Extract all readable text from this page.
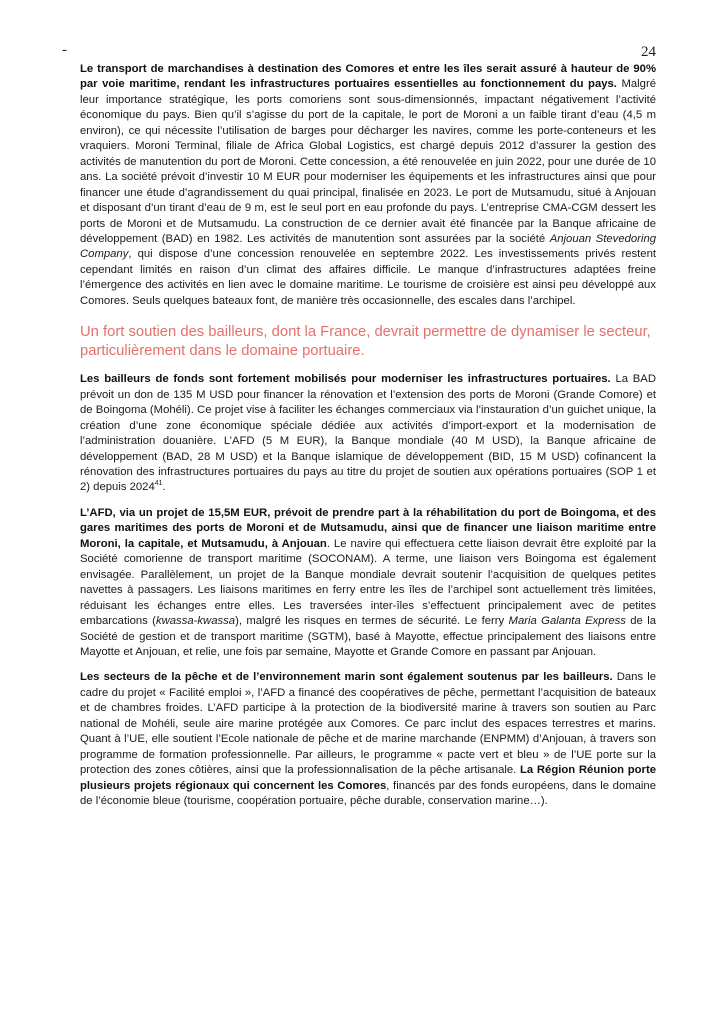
-	24

Le transport de marchandises à destination des Comores et entre les îles serait assuré à hauteur de 90% par voie maritime, rendant les infrastructures portuaires essentielles au fonctionnement du pays. Malgré leur importance stratégique, les ports comoriens sont sous-dimensionnés, impactant négativement l’activité économique du pays. Bien qu’il s’agisse du port de la capitale, le port de Moroni a un faible tirant d’eau (4,5 m environ), ce qui nécessite l’utilisation de barges pour décharger les navires, comme les porte-conteneurs et les vraquiers. Moroni Terminal, filiale de Africa Global Logistics, est chargé depuis 2012 d’assurer la gestion des activités de manutention du port de Moroni. Cette concession, a été renouvelée en juin 2022, pour une durée de 10 ans. La société prévoit d’investir 10 M EUR pour moderniser les équipements et les infrastructures ainsi que pour financer une étude d’agrandissement du quai principal, finalisée en 2023. Le port de Mutsamudu, situé à Anjouan et disposant d’un tirant d’eau de 9 m, est le seul port en eau profonde du pays. L’entreprise CMA-CGM dessert les ports de Moroni et de Mutsamudu. La construction de ce dernier avait été financée par la Banque africaine de développement (BAD) en 1982. Les activités de manutention sont assurées par la société Anjouan Stevedoring Company, qui dispose d’une concession renouvelée en septembre 2022. Les investissements privés restent cependant limités en raison d’un climat des affaires difficile. Le manque d’infrastructures adaptées freine l’émergence des activités en lien avec le domaine maritime. Le tourisme de croisière est ainsi peu développé aux Comores. Seuls quelques bateaux font, de manière très occasionnelle, des escales dans l’archipel.

Un fort soutien des bailleurs, dont la France, devrait permettre de dynamiser le secteur, particulièrement dans le domaine portuaire.

Les bailleurs de fonds sont fortement mobilisés pour moderniser les infrastructures portuaires. La BAD prévoit un don de 135 M USD pour financer la rénovation et l’extension des ports de Moroni (Grande Comore) et de Boingoma (Mohéli). Ce projet vise à faciliter les échanges commerciaux via l’instauration d’un guichet unique, la création d’une zone économique spéciale dédiée aux activités d’import-export et la modernisation de l’administration douanière. L’AFD (5 M EUR), la Banque mondiale (40 M USD), la Banque africaine de développement (BAD, 28 M USD) et la Banque islamique de développement (BID, 15 M USD) cofinancent la rénovation des infrastructures portuaires du pays au titre du projet de soutien aux opérations portuaires (SOP 1 et 2) depuis 2024$^{41}$.

L’AFD, via un projet de 15,5M EUR, prévoit de prendre part à la réhabilitation du port de Boingoma, et des gares maritimes des ports de Moroni et de Mutsamudu, ainsi que de financer une liaison maritime entre Moroni, la capitale, et Mutsamudu, à Anjouan. Le navire qui effectuera cette liaison devrait être exploité par la Société comorienne de transport maritime (SOCONAM). A terme, une liaison vers Boingoma est également envisagée. Parallèlement, un projet de la Banque mondiale devrait soutenir l’acquisition de quelques petites navettes à passagers. Les liaisons maritimes en ferry entre les îles de l’archipel sont actuellement très limitées, réduisant les échanges entre elles. Les traversées inter-îles s’effectuent principalement avec de petites embarcations (kwassa-kwassa), malgré les risques en termes de sécurité. Le ferry Maria Galanta Express de la Société de gestion et de transport maritime (SGTM), basé à Mayotte, effectue principalement des liaisons entre Mayotte et Anjouan, et relie, une fois par semaine, Mayotte et Grande Comore en passant par Anjouan.

Les secteurs de la pêche et de l’environnement marin sont également soutenus par les bailleurs. Dans le cadre du projet « Facilité emploi », l’AFD a financé des coopératives de pêche, permettant l’acquisition de bateaux et de chambres froides. L’AFD participe à la protection de la biodiversité marine à travers son soutien au Parc national de Mohéli, seule aire marine protégée aux Comores. Ce parc inclut des espaces terrestres et marins. Quant à l’UE, elle soutient l’Ecole nationale de pêche et de marine marchande (ENPMM) d’Anjouan, à travers son programme de formation professionnelle. Par ailleurs, le programme « pacte vert et bleu » de l’UE porte sur la protection des zones côtières, ainsi que la professionnalisation de la pêche artisanale. La Région Réunion porte plusieurs projets régionaux qui concernent les Comores, financés par des fonds européens, dans le domaine de l’économie bleue (tourisme, coopération portuaire, pêche durable, conservation marine…).
